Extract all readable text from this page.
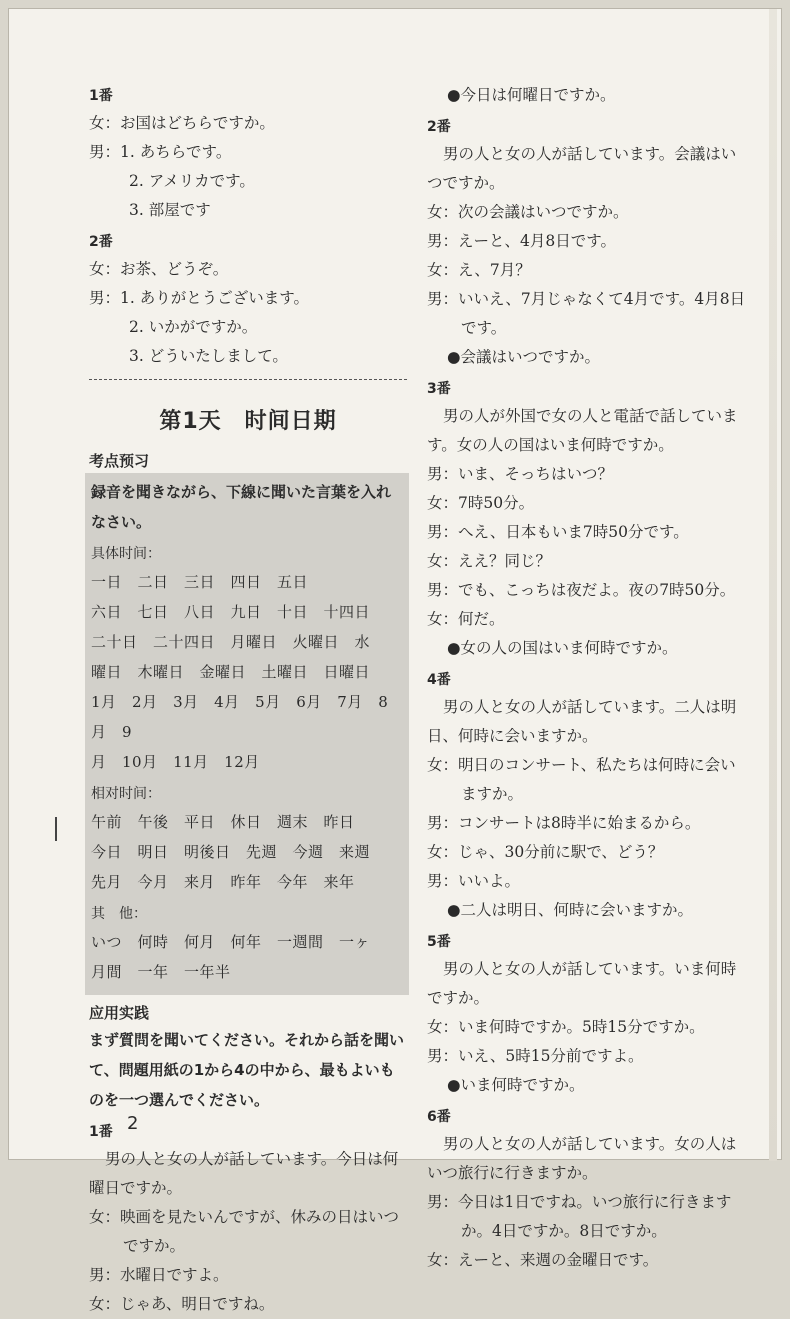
1番
女：お国はどちらですか。
男：1. あちらです。
2. アメリカです。
3. 部屋です
2番
女：お茶、どうぞ。
男：1. ありがとうございます。
2. いかがですか。
3. どういたしまして。
第1天　时间日期
考点预习
録音を聞きながら、下線に聞いた言葉を入れなさい。
具体时间：
一日　二日　三日　四日　五日
六日　七日　八日　九日　十日　十四日
二十日　二十四日　月曜日　火曜日　水
曜日　木曜日　金曜日　土曜日　日曜日
1月　2月　3月　4月　5月　6月　7月　8月　9
月　10月　11月　12月
相对时间：
午前　午後　平日　休日　週末　昨日
今日　明日　明後日　先週　今週　来週
先月　今月　来月　昨年　今年　来年
其　他：
いつ　何時　何月　何年　一週間　一ヶ
月間　一年　一年半
应用实践
まず質問を聞いてください。それから話を聞いて、問題用紙の1から4の中から、最もよいものを一つ選んでください。
1番
男の人と女の人が話しています。今日は何曜日ですか。
女：映画を見たいんですが、休みの日はいつですか。
男：水曜日ですよ。
女：じゃあ、明日ですね。
●今日は何曜日ですか。
2番
男の人と女の人が話しています。会議はいつですか。
女：次の会議はいつですか。
男：えーと、4月8日です。
女：え、7月？
男：いいえ、7月じゃなくて4月です。4月8日です。
●会議はいつですか。
3番
男の人が外国で女の人と電話で話しています。女の人の国はいま何時ですか。
男：いま、そっちはいつ？
女：7時50分。
男：へえ、日本もいま7時50分です。
女：ええ？同じ？
男：でも、こっちは夜だよ。夜の7時50分。
女：何だ。
●女の人の国はいま何時ですか。
4番
男の人と女の人が話しています。二人は明日、何時に会いますか。
女：明日のコンサート、私たちは何時に会いますか。
男：コンサートは8時半に始まるから。
女：じゃ、30分前に駅で、どう？
男：いいよ。
●二人は明日、何時に会いますか。
5番
男の人と女の人が話しています。いま何時ですか。
女：いま何時ですか。5時15分ですか。
男：いえ、5時15分前ですよ。
●いま何時ですか。
6番
男の人と女の人が話しています。女の人はいつ旅行に行きますか。
男：今日は1日ですね。いつ旅行に行きますか。4日ですか。8日ですか。
女：えーと、来週の金曜日です。
2
